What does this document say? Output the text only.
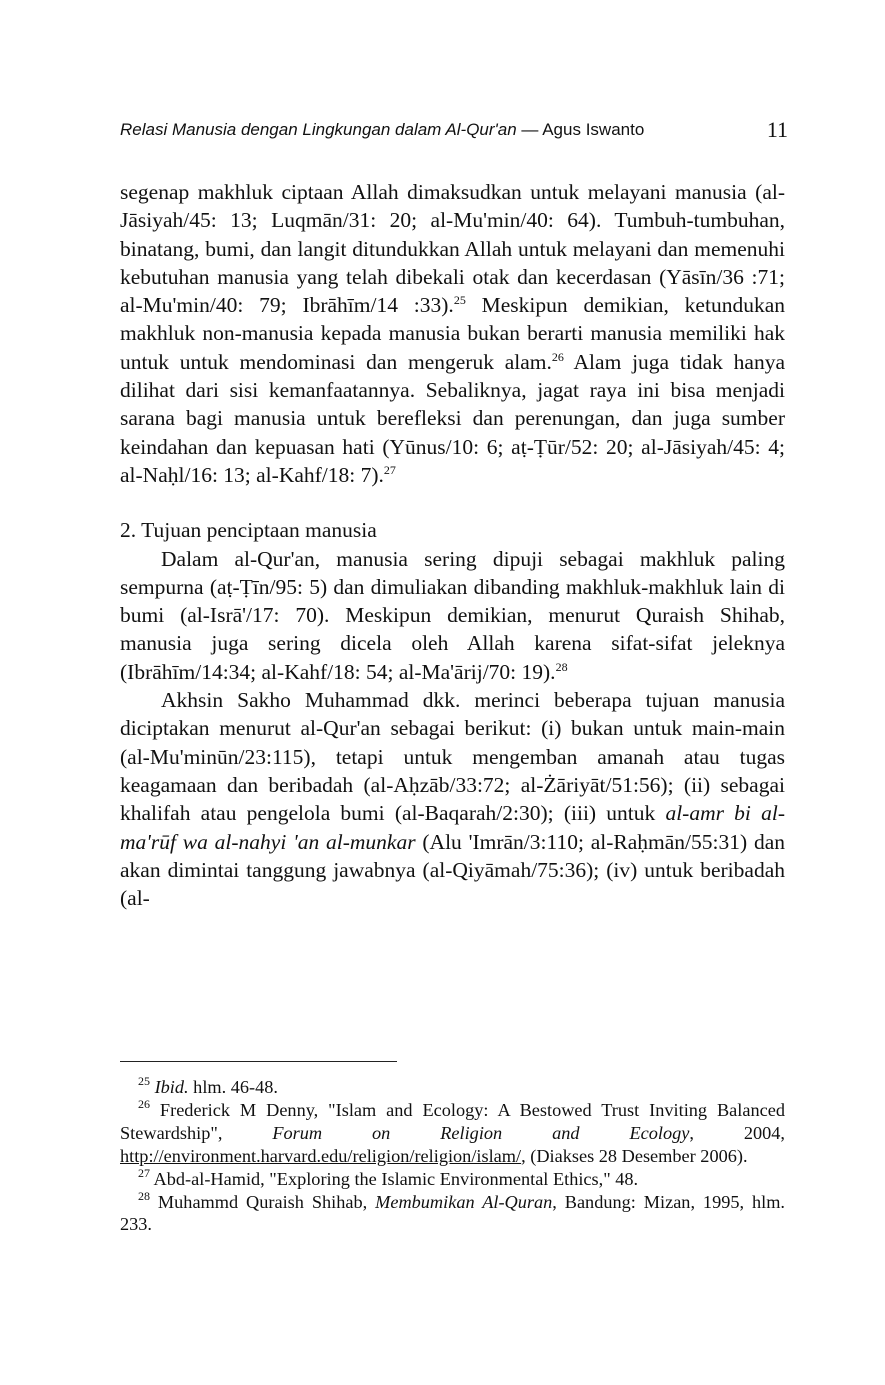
Relasi Manusia dengan Lingkungan dalam Al-Qur'an — Agus Iswanto	11

segenap makhluk ciptaan Allah dimaksudkan untuk melayani manusia (al-Jāsiyah/45: 13; Luqmān/31: 20; al-Mu'min/40: 64). Tumbuh-tumbuhan, binatang, bumi, dan langit ditundukkan Allah untuk melayani dan memenuhi kebutuhan manusia yang telah dibekali otak dan kecerdasan (Yāsīn/36 :71; al-Mu'min/40: 79; Ibrāhīm/14 :33).$^{25}$ Meskipun demikian, ketundukan makhluk non-manusia kepada manusia bukan berarti manusia memiliki hak untuk untuk mendominasi dan mengeruk alam.$^{26}$ Alam juga tidak hanya dilihat dari sisi kemanfaatannya. Sebaliknya, jagat raya ini bisa menjadi sarana bagi manusia untuk berefleksi dan perenungan, dan juga sumber keindahan dan kepuasan hati (Yūnus/10: 6; aṭ-Ṭūr/52: 20; al-Jāsiyah/45: 4; al-Naḥl/16: 13; al-Kahf/18: 7).$^{27}$

2. Tujuan penciptaan manusia

Dalam al-Qur'an, manusia sering dipuji sebagai makhluk paling sempurna (aṭ-Ṭīn/95: 5) dan dimuliakan dibanding makhluk-makhluk lain di bumi (al-Isrā'/17: 70). Meskipun demikian, menurut Quraish Shihab, manusia juga sering dicela oleh Allah karena sifat-sifat jeleknya (Ibrāhīm/14:34; al-Kahf/18: 54; al-Ma'ārij/70: 19).$^{28}$

Akhsin Sakho Muhammad dkk. merinci beberapa tujuan manusia diciptakan menurut al-Qur'an sebagai berikut: (i) bukan untuk main-main (al-Mu'minūn/23:115), tetapi untuk mengemban amanah atau tugas keagamaan dan beribadah (al-Aḥzāb/33:72; al-Żāriyāt/51:56); (ii) sebagai khalifah atau pengelola bumi (al-Baqarah/2:30); (iii) untuk al-amr bi al-ma'rūf wa al-nahyi 'an al-munkar (Alu 'Imrān/3:110; al-Raḥmān/55:31) dan akan dimintai tanggung jawabnya (al-Qiyāmah/75:36); (iv) untuk beribadah (al-

$^{25}$ Ibid. hlm. 46-48.

$^{26}$ Frederick M Denny, "Islam and Ecology: A Bestowed Trust Inviting Balanced Stewardship", Forum on Religion and Ecology, 2004, http://environment.harvard.edu/religion/religion/islam/, (Diakses 28 Desember 2006).

$^{27}$ Abd-al-Hamid, "Exploring the Islamic Environmental Ethics," 48.

$^{28}$ Muhammd Quraish Shihab, Membumikan Al-Quran, Bandung: Mizan, 1995, hlm. 233.
